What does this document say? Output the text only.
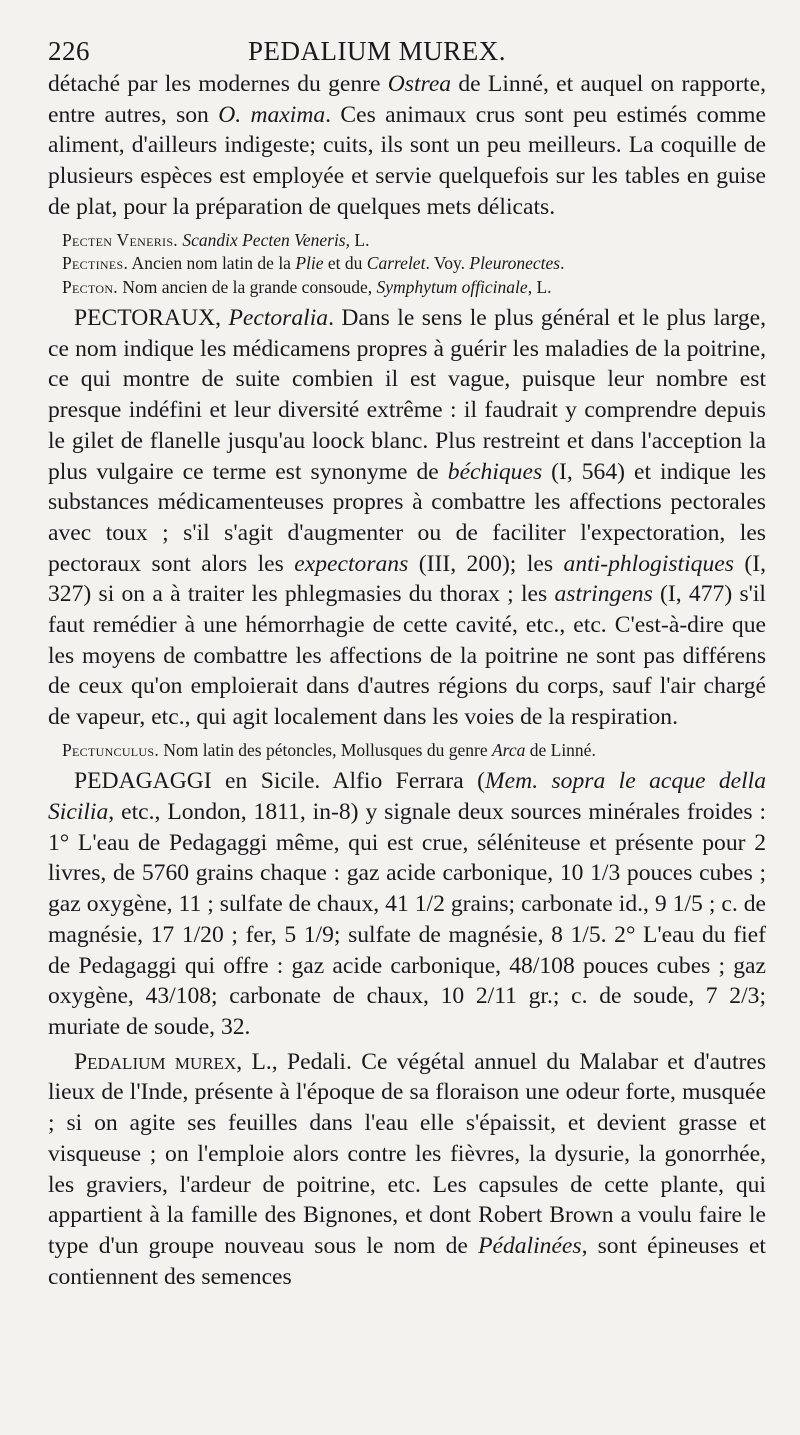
226	PEDALIUM MUREX.

détaché par les modernes du genre Ostrea de Linné, et auquel on rapporte, entre autres, son O. maxima. Ces animaux crus sont peu estimés comme aliment, d'ailleurs indigeste; cuits, ils sont un peu meilleurs. La coquille de plusieurs espèces est employée et servie quelquefois sur les tables en guise de plat, pour la préparation de quelques mets délicats.

Pecten Veneris. Scandix Pecten Veneris, L.

Pectines. Ancien nom latin de la Plie et du Carrelet. Voy. Pleuronectes.

Pecton. Nom ancien de la grande consoude, Symphytum officinale, L.

PECTORAUX, Pectoralia. Dans le sens le plus général et le plus large, ce nom indique les médicamens propres à guérir les maladies de la poitrine, ce qui montre de suite combien il est vague, puisque leur nombre est presque indéfini et leur diversité extrême : il faudrait y comprendre depuis le gilet de flanelle jusqu'au loock blanc. Plus restreint et dans l'acception la plus vulgaire ce terme est synonyme de béchiques (I, 564) et indique les substances médicamenteuses propres à combattre les affections pectorales avec toux ; s'il s'agit d'augmenter ou de faciliter l'expectoration, les pectoraux sont alors les expectorans (III, 200); les anti-phlogistiques (I, 327) si on a à traiter les phlegmasies du thorax ; les astringens (I, 477) s'il faut remédier à une hémorrhagie de cette cavité, etc., etc. C'est-à-dire que les moyens de combattre les affections de la poitrine ne sont pas différens de ceux qu'on emploierait dans d'autres régions du corps, sauf l'air chargé de vapeur, etc., qui agit localement dans les voies de la respiration.

Pectunculus. Nom latin des pétoncles, Mollusques du genre Arca de Linné.

PEDAGAGGI en Sicile. Alfio Ferrara (Mem. sopra le acque della Sicilia, etc., London, 1811, in-8) y signale deux sources minérales froides : 1° L'eau de Pedagaggi même, qui est crue, séléniteuse et présente pour 2 livres, de 5760 grains chaque : gaz acide carbonique, 10 1/3 pouces cubes ; gaz oxygène, 11 ; sulfate de chaux, 41 1/2 grains; carbonate id., 9 1/5 ; c. de magnésie, 17 1/20 ; fer, 5 1/9; sulfate de magnésie, 8 1/5. 2° L'eau du fief de Pedagaggi qui offre : gaz acide carbonique, 48/108 pouces cubes ; gaz oxygène, 43/108; carbonate de chaux, 10 2/11 gr.; c. de soude, 7 2/3; muriate de soude, 32.

Pedalium murex, L., Pedali. Ce végétal annuel du Malabar et d'autres lieux de l'Inde, présente à l'époque de sa floraison une odeur forte, musquée ; si on agite ses feuilles dans l'eau elle s'épaissit, et devient grasse et visqueuse ; on l'emploie alors contre les fièvres, la dysurie, la gonorrhée, les graviers, l'ardeur de poitrine, etc. Les capsules de cette plante, qui appartient à la famille des Bignones, et dont Robert Brown a voulu faire le type d'un groupe nouveau sous le nom de Pédalinées, sont épineuses et contiennent des semences
